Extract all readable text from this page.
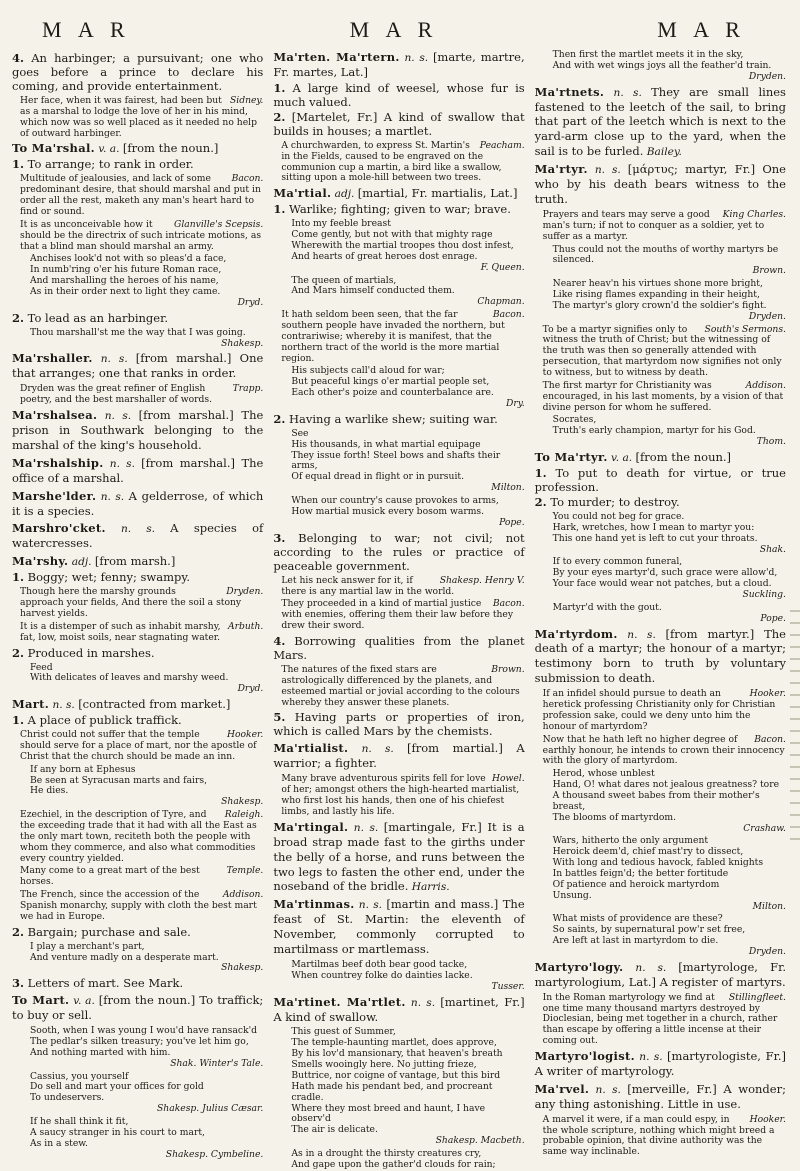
M A R	M A R	M A R
4. An harbinger; a pursuivant; one who goes before a prince to declare his coming, and provide entertainment.
Sidney.
Her face, when it was fairest, had been but as a marshal to lodge the love of her in his mind, which now was so well placed as it needed no help of outward harbinger.
To Ma'rshal. v. a. [from the noun.]
1. To arrange; to rank in order.
Bacon.
Multitude of jealousies, and lack of some predominant desire, that should marshal and put in order all the rest, maketh any man's heart hard to find or sound.
Glanville's Scepsis.
It is as unconceivable how it should be the directrix of such intricate motions, as that a blind man should marshal an army.
Anchises look'd not with so pleas'd a face,
In numb'ring o'er his future Roman race,
And marshalling the heroes of his name,
As in their order next to light they came.
Dryd.
2. To lead as an harbinger.
Thou marshall'st me the way that I was going.
Shakesp.
Ma'rshaller. n. s. [from marshal.] One that arranges; one that ranks in order.
Trapp.
Dryden was the great refiner of English poetry, and the best marshaller of words.
Ma'rshalsea. n. s. [from marshal.] The prison in Southwark belonging to the marshal of the king's household.
Ma'rshalship. n. s. [from marshal.] The office of a marshal.
Marshe'lder. n. s. A gelderrose, of which it is a species.
Marshro'cket. n. s. A species of watercresses.
Ma'rshy. adj. [from marsh.]
1. Boggy; wet; fenny; swampy.
Dryden.
Though here the marshy grounds approach your fields, And there the soil a stony harvest yields.
Arbuth.
It is a distemper of such as inhabit marshy, fat, low, moist soils, near stagnating water.
2. Produced in marshes.
Feed
With delicates of leaves and marshy weed.
Dryd.
Mart. n. s. [contracted from market.]
1. A place of publick traffick.
Hooker.
Christ could not suffer that the temple should serve for a place of mart, nor the apostle of Christ that the church should be made an inn.
If any born at Ephesus
Be seen at Syracusan marts and fairs,
He dies.
Shakesp.
Raleigh.
Ezechiel, in the description of Tyre, and the exceeding trade that it had with all the East as the only mart town, reciteth both the people with whom they commerce, and also what commodities every country yielded.
Temple.
Many come to a great mart of the best horses.
Addison.
The French, since the accession of the Spanish monarchy, supply with cloth the best mart we had in Europe.
2. Bargain; purchase and sale.
I play a merchant's part,
And venture madly on a desperate mart.
Shakesp.
3. Letters of mart. See Mark.
To Mart. v. a. [from the noun.] To traffick; to buy or sell.
Sooth, when I was young I wou'd have ransack'd
The pedlar's silken treasury; you've let him go,
And nothing marted with him.
Shak. Winter's Tale.
Cassius, you yourself
Do sell and mart your offices for gold
To undeservers.
Shakesp. Julius Cæsar.
If he shall think it fit,
A saucy stranger in his court to mart,
As in a stew.
Shakesp. Cymbeline.
Ma'rten. Ma'rtern. n. s. [marte, martre, Fr. martes, Lat.]
1. A large kind of weesel, whose fur is much valued.
2. [Martelet, Fr.] A kind of swallow that builds in houses; a martlet.
Peacham.
A churchwarden, to express St. Martin's in the Fields, caused to be engraved on the communion cup a martin, a bird like a swallow, sitting upon a mole-hill between two trees.
Ma'rtial. adj. [martial, Fr. martialis, Lat.]
1. Warlike; fighting; given to war; brave.
Into my feeble breast
Come gently, but not with that mighty rage
Wherewith the martial troopes thou dost infest,
And hearts of great heroes dost enrage.
F. Queen.
The queen of martials,
And Mars himself conducted them.
Chapman.
Bacon.
It hath seldom been seen, that the far southern people have invaded the northern, but contrariwise; whereby it is manifest, that the northern tract of the world is the more martial region.
His subjects call'd aloud for war;
But peaceful kings o'er martial people set,
Each other's poize and counterbalance are.
Dry.
2. Having a warlike shew; suiting war.
See
His thousands, in what martial equipage
They issue forth! Steel bows and shafts their arms,
Of equal dread in flight or in pursuit.
Milton.
When our country's cause provokes to arms,
How martial musick every bosom warms.
Pope.
3. Belonging to war; not civil; not according to the rules or practice of peaceable government.
Shakesp. Henry V.
Let his neck answer for it, if there is any martial law in the world.
Bacon.
They proceeded in a kind of martial justice with enemies, offering them their law before they drew their sword.
4. Borrowing qualities from the planet Mars.
Brown.
The natures of the fixed stars are astrologically differenced by the planets, and esteemed martial or jovial according to the colours whereby they answer these planets.
5. Having parts or properties of iron, which is called Mars by the chemists.
Ma'rtialist. n. s. [from martial.] A warrior; a fighter.
Howel.
Many brave adventurous spirits fell for love of her; amongst others the high-hearted martialist, who first lost his hands, then one of his chiefest limbs, and lastly his life.
Ma'rtingal. n. s. [martingale, Fr.] It is a broad strap made fast to the girths under the belly of a horse, and runs between the two legs to fasten the other end, under the noseband of the bridle. Harris.
Ma'rtinmas. n. s. [martin and mass.] The feast of St. Martin: the eleventh of November, commonly corrupted to martilmass or martlemass.
Martilmas beef doth bear good tacke,
When countrey folke do dainties lacke.
Tusser.
Ma'rtinet. Ma'rtlet. n. s. [martinet, Fr.] A kind of swallow.
This guest of Summer,
The temple-haunting martlet, does approve,
By his lov'd mansionary, that heaven's breath
Smells wooingly here. No jutting frieze,
Buttrice, nor coigne of vantage, but this bird
Hath made his pendant bed, and procreant cradle.
Where they most breed and haunt, I have observ'd
The air is delicate.
Shakesp. Macbeth.
As in a drought the thirsty creatures cry,
And gape upon the gather'd clouds for rain;
Then first the martlet meets it in the sky,
And with wet wings joys all the feather'd train.
Dryden.
Ma'rtnets. n. s. They are small lines fastened to the leetch of the sail, to bring that part of the leetch which is next to the yard-arm close up to the yard, when the sail is to be furled. Bailey.
Ma'rtyr. n. s. [μάρτυς; martyr, Fr.] One who by his death bears witness to the truth.
King Charles.
Prayers and tears may serve a good man's turn; if not to conquer as a soldier, yet to suffer as a martyr.
Thus could not the mouths of worthy martyrs be silenced.
Brown.
Nearer heav'n his virtues shone more bright,
Like rising flames expanding in their height,
The martyr's glory crown'd the soldier's fight.
Dryden.
South's Sermons.
To be a martyr signifies only to witness the truth of Christ; but the witnessing of the truth was then so generally attended with persecution, that martyrdom now signifies not only to witness, but to witness by death.
Addison.
The first martyr for Christianity was encouraged, in his last moments, by a vision of that divine person for whom he suffered.
Socrates,
Truth's early champion, martyr for his God.
Thom.
To Ma'rtyr. v. a. [from the noun.]
1. To put to death for virtue, or true profession.
2. To murder; to destroy.
You could not beg for grace.
Hark, wretches, how I mean to martyr you:
This one hand yet is left to cut your throats.
Shak.
If to every common funeral,
By your eyes martyr'd, such grace were allow'd,
Your face would wear not patches, but a cloud.
Suckling.
Martyr'd with the gout.
Pope.
Ma'rtyrdom. n. s. [from martyr.] The death of a martyr; the honour of a martyr; testimony born to truth by voluntary submission to death.
Hooker.
If an infidel should pursue to death an heretick professing Christianity only for Christian profession sake, could we deny unto him the honour of martyrdom?
Bacon.
Now that he hath left no higher degree of earthly honour, he intends to crown their innocency with the glory of martyrdom.
Herod, whose unblest
Hand, O! what dares not jealous greatness? tore
A thousand sweet babes from their mother's breast,
The blooms of martyrdom.
Crashaw.
Wars, hitherto the only argument
Heroick deem'd, chief mast'ry to dissect,
With long and tedious havock, fabled knights
In battles feign'd; the better fortitude
Of patience and heroick martyrdom
Unsung.
Milton.
What mists of providence are these?
So saints, by supernatural pow'r set free,
Are left at last in martyrdom to die.
Dryden.
Martyro'logy. n. s. [martyrologe, Fr. martyrologium, Lat.] A register of martyrs.
Stillingfleet.
In the Roman martyrology we find at one time many thousand martyrs destroyed by Dioclesian, being met together in a church, rather than escape by offering a little incense at their coming out.
Martyro'logist. n. s. [martyrologiste, Fr.] A writer of martyrology.
Ma'rvel. n. s. [merveille, Fr.] A wonder; any thing astonishing. Little in use.
Hooker.
A marvel it were, if a man could espy, in the whole scripture, nothing which might breed a probable opinion, that divine authority was the same way inclinable.
